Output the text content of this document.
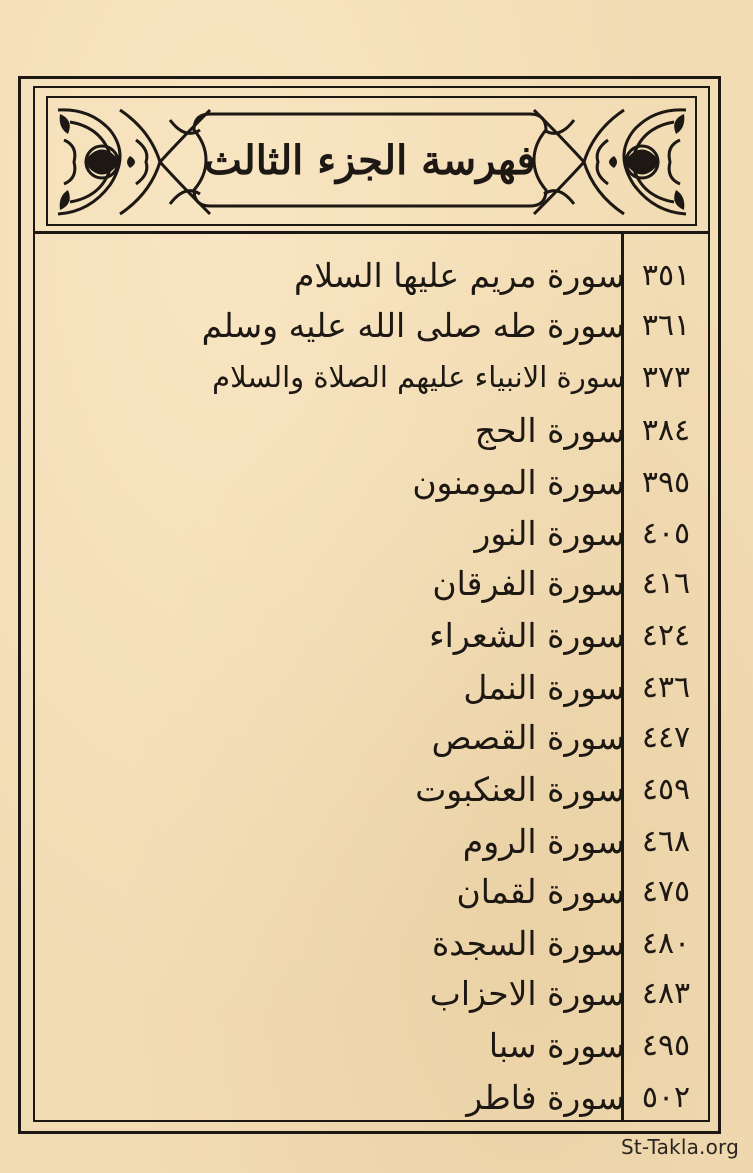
فهرسة الجزء الثالث
٣٥١
سورة مريم عليها السلام
٣٦١
سورة طه صلى الله عليه وسلم
٣٧٣
سورة الانبياء عليهم الصلاة والسلام
٣٨٤
سورة الحج
٣٩٥
سورة المومنون
٤٠٥
سورة النور
٤١٦
سورة الفرقان
٤٢٤
سورة الشعراء
٤٣٦
سورة النمل
٤٤٧
سورة القصص
٤٥٩
سورة العنكبوت
٤٦٨
سورة الروم
٤٧٥
سورة لقمان
٤٨٠
سورة السجدة
٤٨٣
سورة الاحزاب
٤٩٥
سورة سبا
٥٠٢
سورة فاطر
St-Takla.org
